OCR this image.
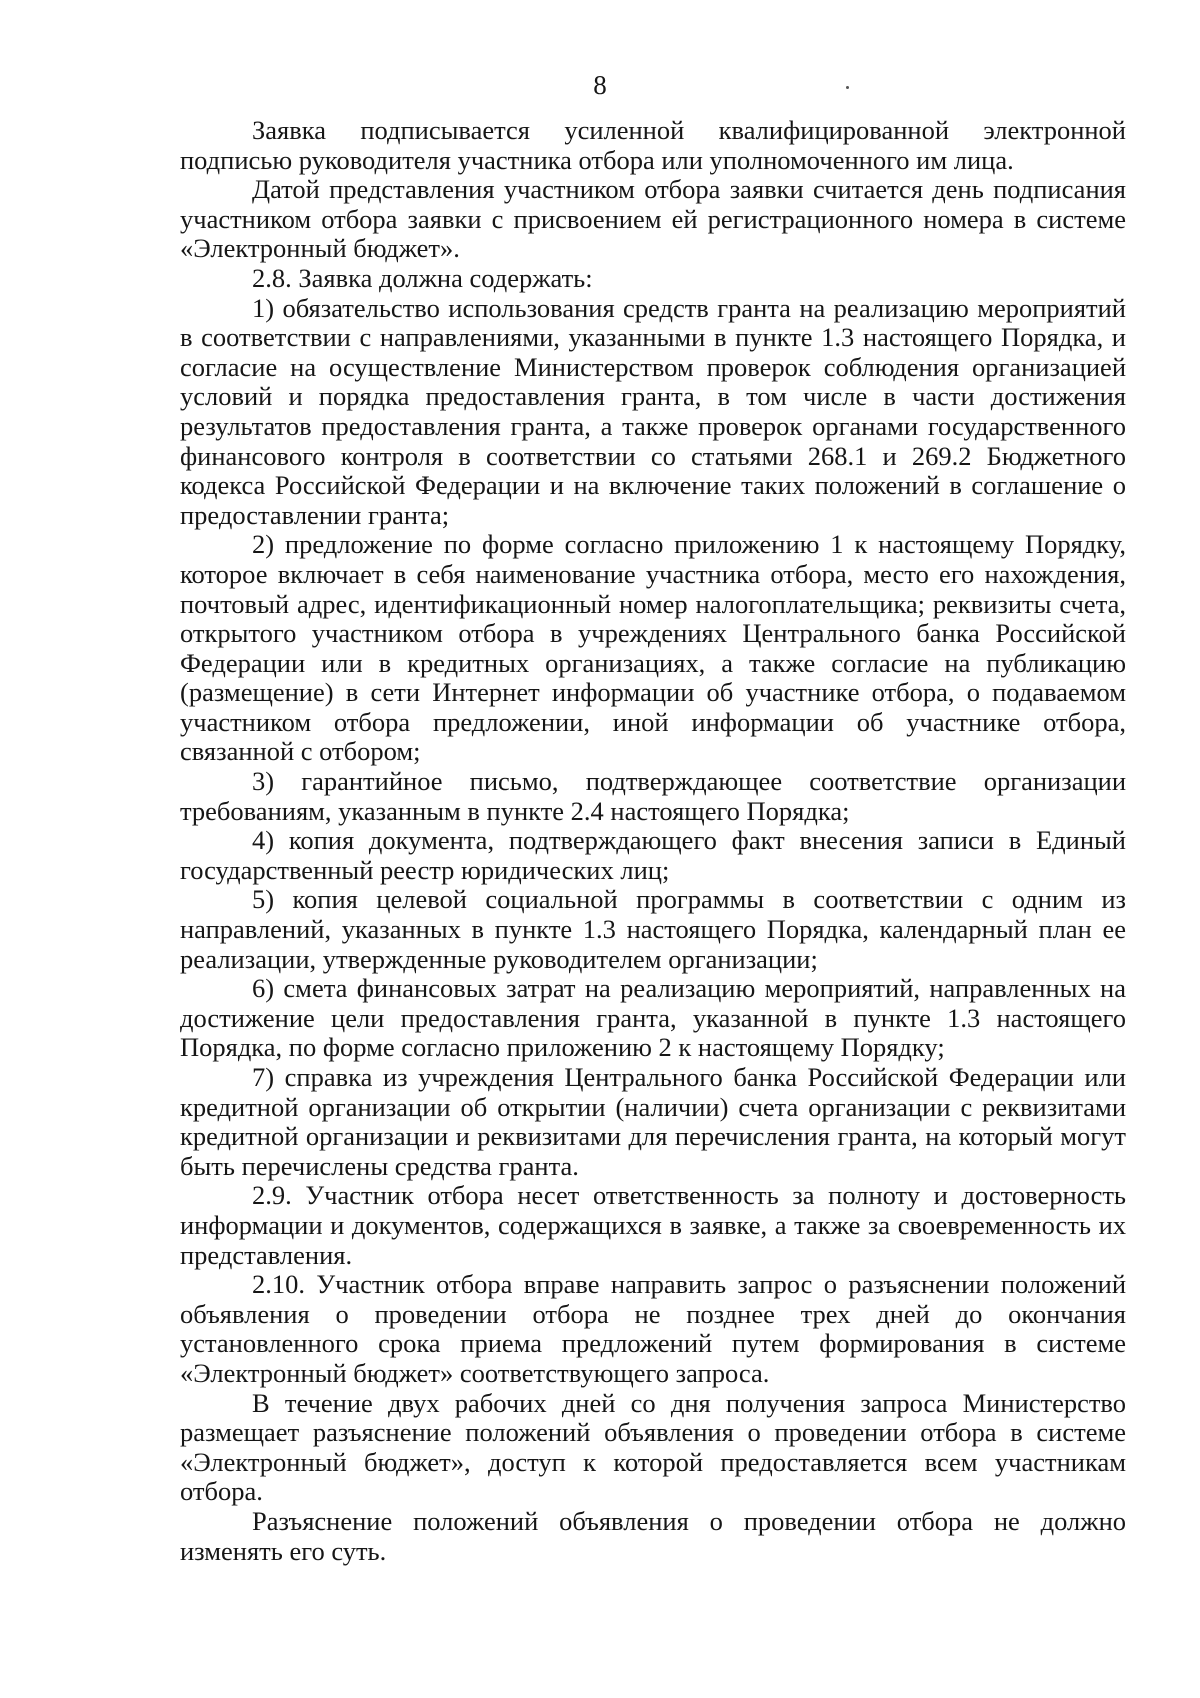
8

Заявка подписывается усиленной квалифицированной электронной подписью руководителя участника отбора или уполномоченного им лица.

Датой представления участником отбора заявки считается день подписания участником отбора заявки с присвоением ей регистрационного номера в системе «Электронный бюджет».

2.8. Заявка должна содержать:

1) обязательство использования средств гранта на реализацию мероприятий в соответствии с направлениями, указанными в пункте 1.3 настоящего Порядка, и согласие на осуществление Министерством проверок соблюдения организацией условий и порядка предоставления гранта, в том числе в части достижения результатов предоставления гранта, а также проверок органами государственного финансового контроля в соответствии со статьями 268.1 и 269.2 Бюджетного кодекса Российской Федерации и на включение таких положений в соглашение о предоставлении гранта;

2) предложение по форме согласно приложению 1 к настоящему Порядку, которое включает в себя наименование участника отбора, место его нахождения, почтовый адрес, идентификационный номер налогоплательщика; реквизиты счета, открытого участником отбора в учреждениях Центрального банка Российской Федерации или в кредитных организациях, а также согласие на публикацию (размещение) в сети Интернет информации об участнике отбора, о подаваемом участником отбора предложении, иной информации об участнике отбора, связанной с отбором;

3) гарантийное письмо, подтверждающее соответствие организации требованиям, указанным в пункте 2.4 настоящего Порядка;

4) копия документа, подтверждающего факт внесения записи в Единый государственный реестр юридических лиц;

5) копия целевой социальной программы в соответствии с одним из направлений, указанных в пункте 1.3 настоящего Порядка, календарный план ее реализации, утвержденные руководителем организации;

6) смета финансовых затрат на реализацию мероприятий, направленных на достижение цели предоставления гранта, указанной в пункте 1.3 настоящего Порядка, по форме согласно приложению 2 к настоящему Порядку;

7) справка из учреждения Центрального банка Российской Федерации или кредитной организации об открытии (наличии) счета организации с реквизитами кредитной организации и реквизитами для перечисления гранта, на который могут быть перечислены средства гранта.

2.9. Участник отбора несет ответственность за полноту и достоверность информации и документов, содержащихся в заявке, а также за своевременность их представления.

2.10. Участник отбора вправе направить запрос о разъяснении положений объявления о проведении отбора не позднее трех дней до окончания установленного срока приема предложений путем формирования в системе «Электронный бюджет» соответствующего запроса.

В течение двух рабочих дней со дня получения запроса Министерство размещает разъяснение положений объявления о проведении отбора в системе «Электронный бюджет», доступ к которой предоставляется всем участникам отбора.

Разъяснение положений объявления о проведении отбора не должно изменять его суть.
